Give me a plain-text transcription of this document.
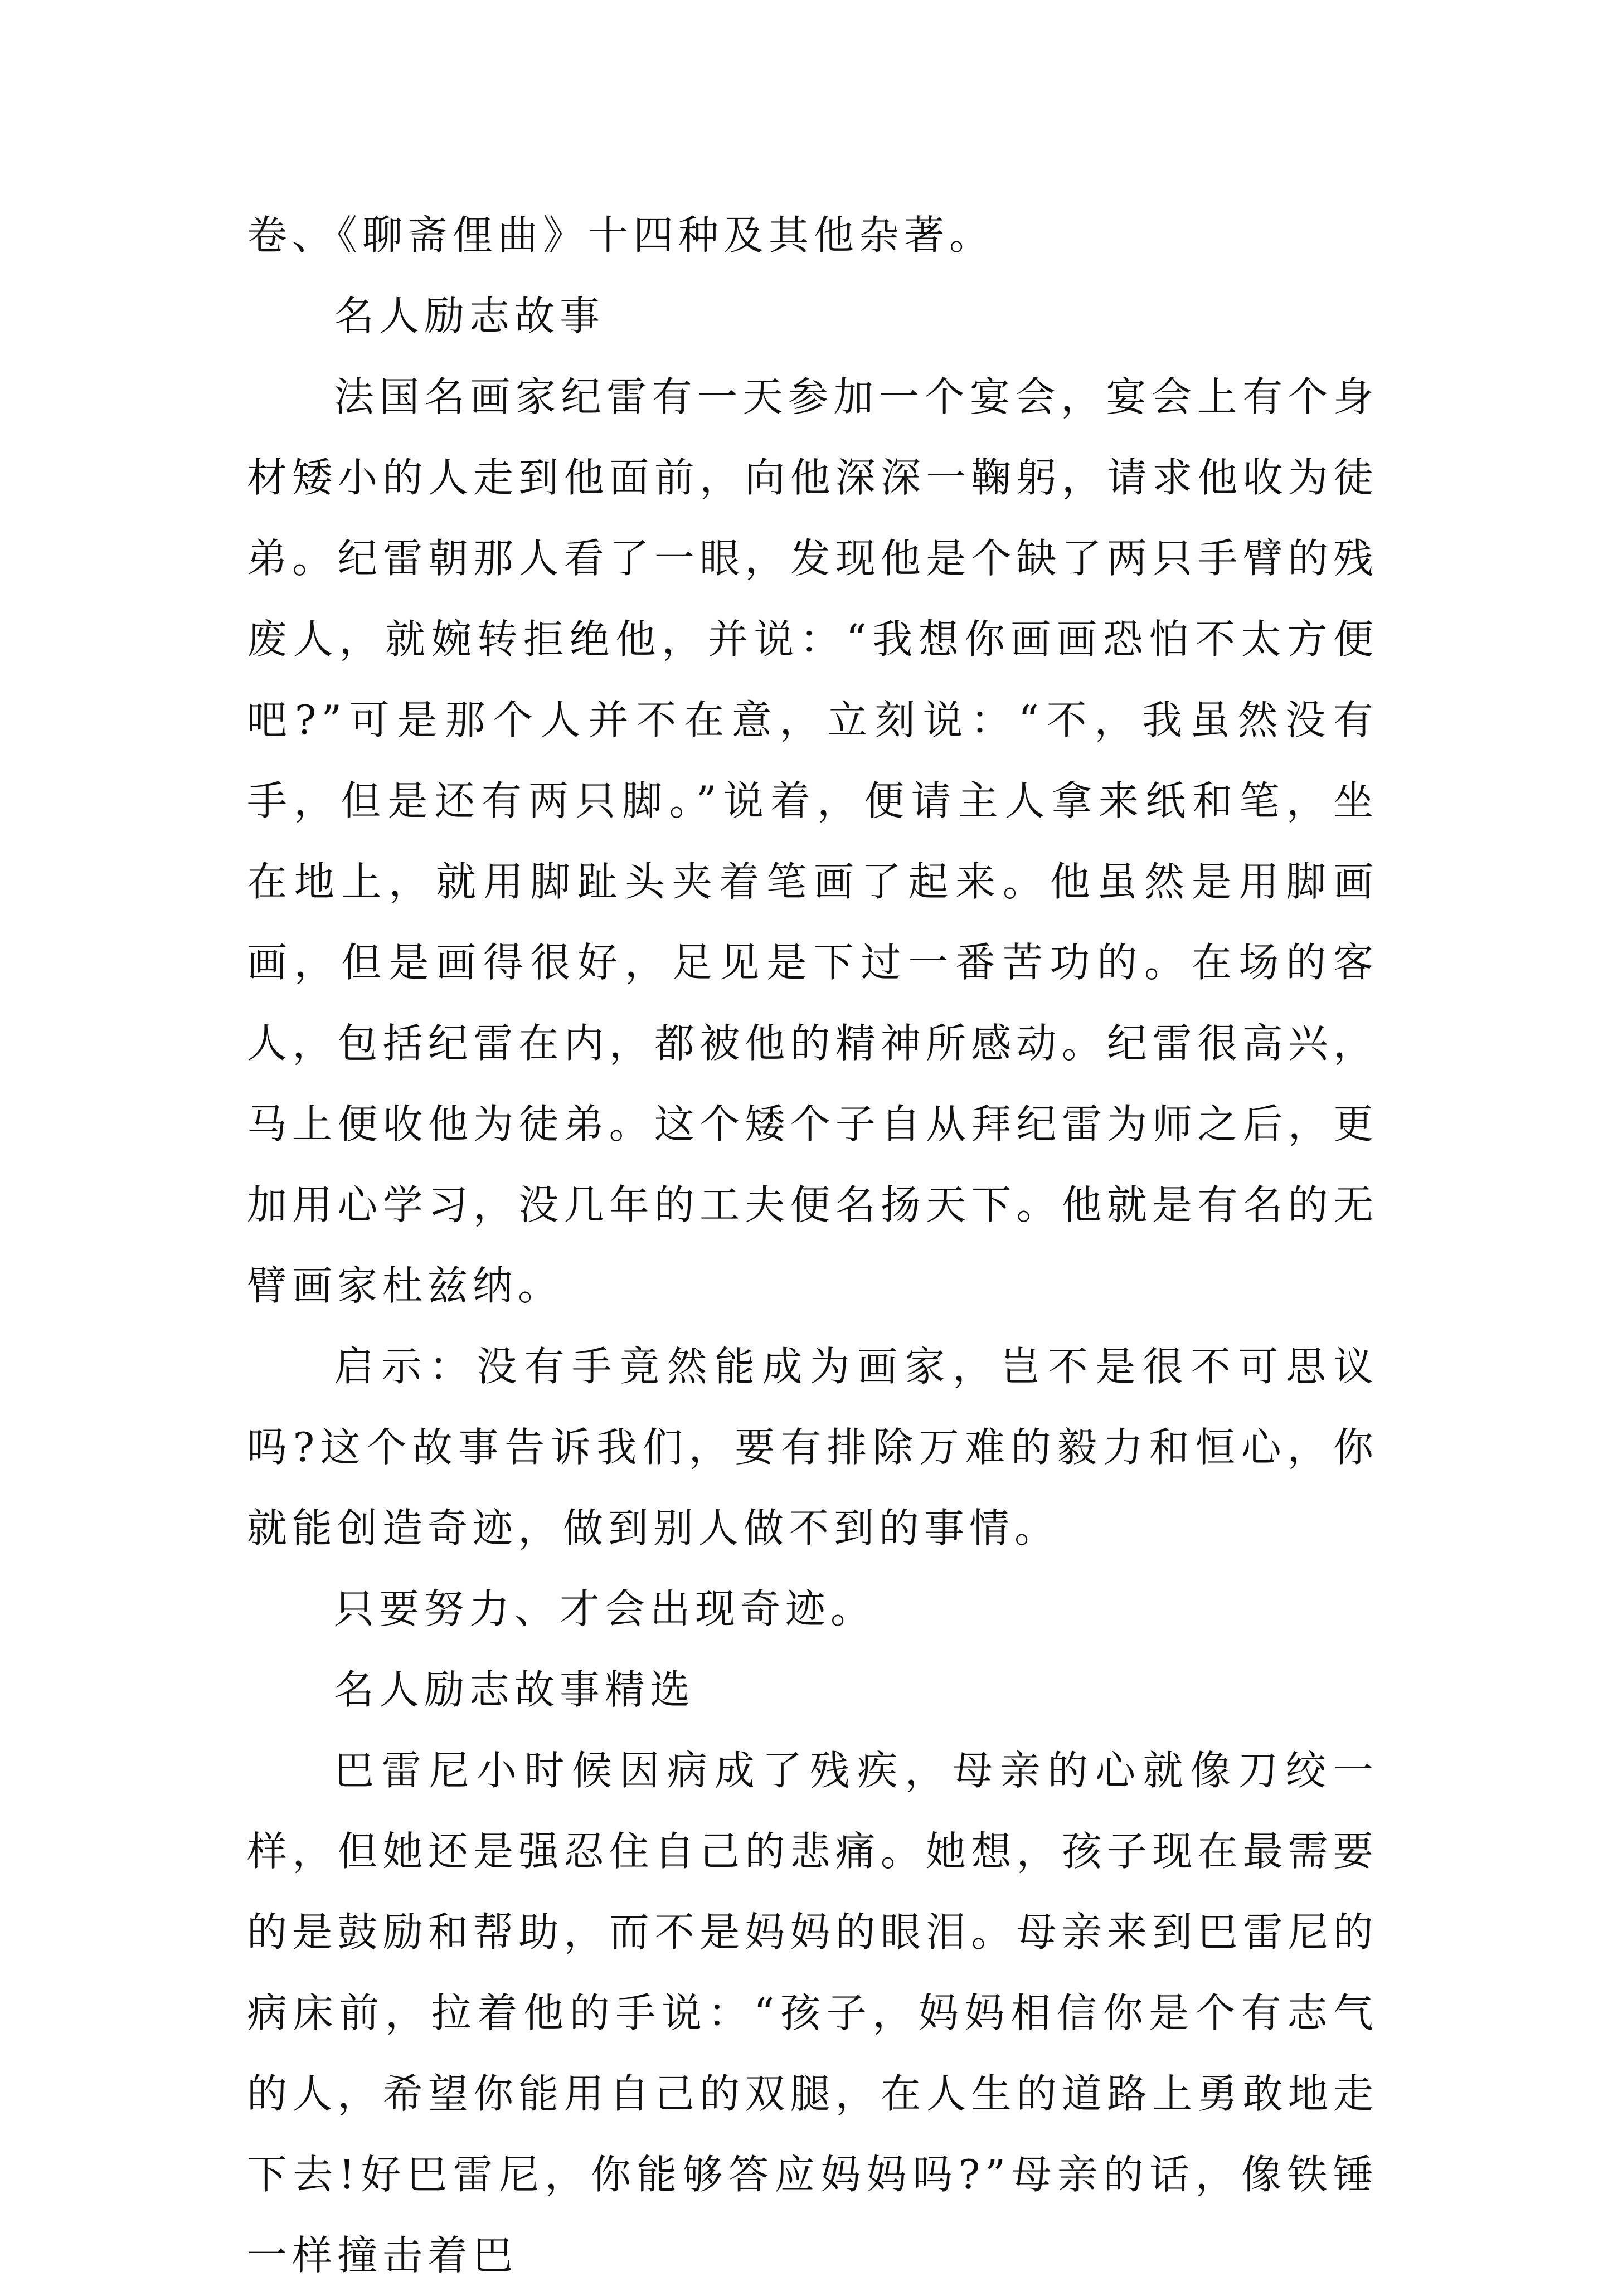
卷、《聊斋俚曲》十四种及其他杂著。

名人励志故事

法国名画家纪雷有一天参加一个宴会，宴会上有个身材矮小的人走到他面前，向他深深一鞠躬，请求他收为徒弟。纪雷朝那人看了一眼，发现他是个缺了两只手臂的残废人，就婉转拒绝他，并说：“我想你画画恐怕不太方便吧?”可是那个人并不在意，立刻说：“不，我虽然没有手，但是还有两只脚。”说着，便请主人拿来纸和笔，坐在地上，就用脚趾头夹着笔画了起来。他虽然是用脚画画，但是画得很好，足见是下过一番苦功的。在场的客人，包括纪雷在内，都被他的精神所感动。纪雷很高兴，马上便收他为徒弟。这个矮个子自从拜纪雷为师之后，更加用心学习，没几年的工夫便名扬天下。他就是有名的无臂画家杜兹纳。

启示：没有手竟然能成为画家，岂不是很不可思议吗?这个故事告诉我们，要有排除万难的毅力和恒心，你就能创造奇迹，做到别人做不到的事情。

只要努力、才会出现奇迹。

名人励志故事精选

巴雷尼小时候因病成了残疾，母亲的心就像刀绞一样，但她还是强忍住自己的悲痛。她想，孩子现在最需要的是鼓励和帮助，而不是妈妈的眼泪。母亲来到巴雷尼的病床前，拉着他的手说：“孩子，妈妈相信你是个有志气的人，希望你能用自己的双腿，在人生的道路上勇敢地走下去!好巴雷尼，你能够答应妈妈吗?”母亲的话，像铁锤一样撞击着巴
